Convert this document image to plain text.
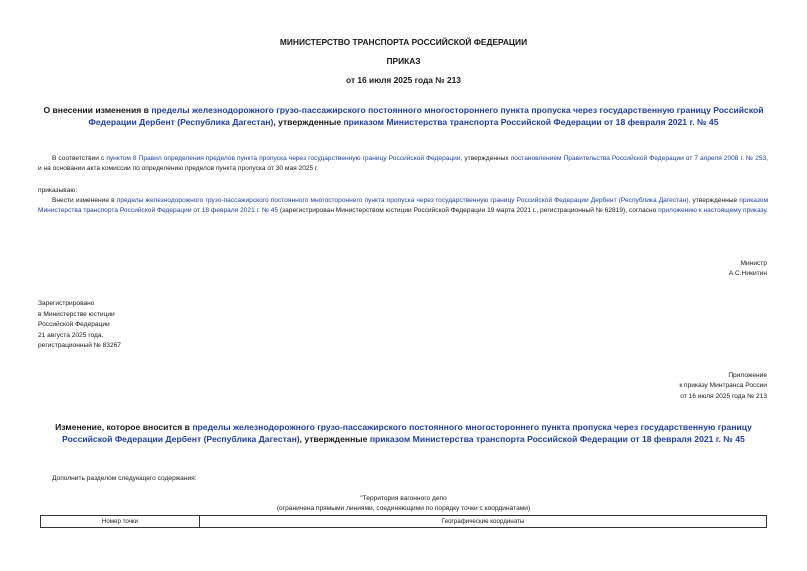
МИНИСТЕРСТВО ТРАНСПОРТА РОССИЙСКОЙ ФЕДЕРАЦИИ
ПРИКАЗ
от 16 июля 2025 года № 213
О внесении изменения в пределы железнодорожного грузо-пассажирского постоянного многостороннего пункта пропуска через государственную границу Российской Федерации Дербент (Республика Дагестан), утвержденные приказом Министерства транспорта Российской Федерации от 18 февраля 2021 г. № 45
В соответствии с пунктом 8 Правил определения пределов пункта пропуска через государственную границу Российской Федерации, утвержденных постановлением Правительства Российской Федерации от 7 апреля 2008 г. № 253, и на основании акта комиссии по определению пределов пункта пропуска от 30 мая 2025 г.
приказываю:
Внести изменение в пределы железнодорожного грузо-пассажирского постоянного многостороннего пункта пропуска через государственную границу Российской Федерации Дербент (Республика Дагестан), утвержденные приказом Министерства транспорта Российской Федерации от 18 февраля 2021 г. № 45 (зарегистрирован Министерством юстиции Российской Федерации 19 марта 2021 г., регистрационный № 62819), согласно приложению к настоящему приказу.
Министр
А.С.Никитин
Зарегистрировано
в Министерстве юстиции
Российской Федерации
21 августа 2025 года,
регистрационный № 83267
Приложение
к приказу Минтранса России
от 16 июля 2025 года № 213
Изменение, которое вносится в пределы железнодорожного грузо-пассажирского постоянного многостороннего пункта пропуска через государственную границу Российской Федерации Дербент (Республика Дагестан), утвержденные приказом Министерства транспорта Российской Федерации от 18 февраля 2021 г. № 45
Дополнить разделом следующего содержания:
"Территория вагонного депо
(ограничена прямыми линиями, соединяющими по порядку точки с координатами)
Номер точки	Географические координаты
